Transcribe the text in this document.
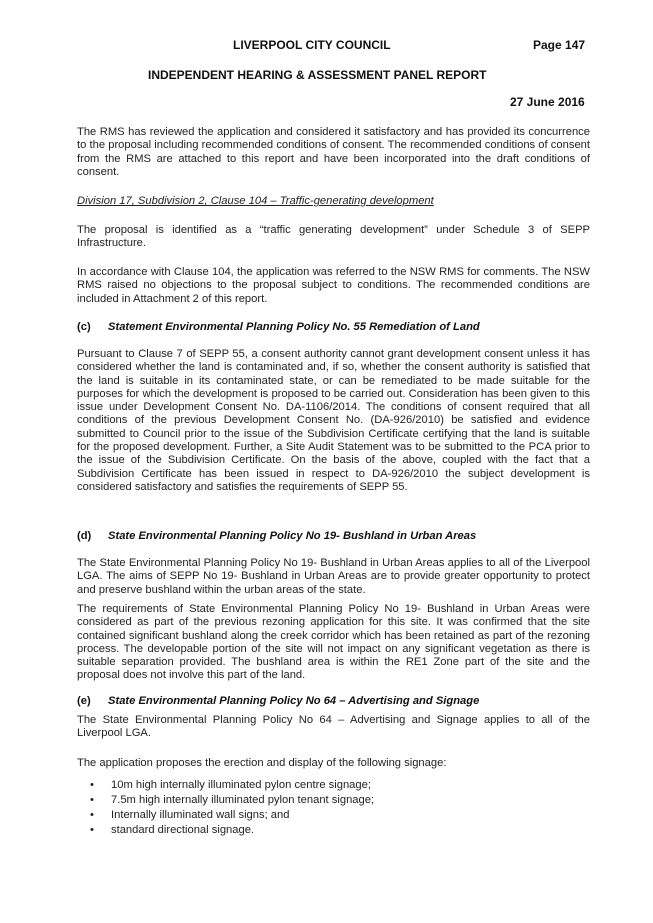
LIVERPOOL CITY COUNCIL	Page 147
INDEPENDENT HEARING & ASSESSMENT PANEL REPORT
27 June 2016

The RMS has reviewed the application and considered it satisfactory and has provided its concurrence to the proposal including recommended conditions of consent. The recommended conditions of consent from the RMS are attached to this report and have been incorporated into the draft conditions of consent.

Division 17, Subdivision 2, Clause 104 – Traffic-generating development

The proposal is identified as a “traffic generating development” under Schedule 3 of SEPP Infrastructure.

In accordance with Clause 104, the application was referred to the NSW RMS for comments. The NSW RMS raised no objections to the proposal subject to conditions. The recommended conditions are included in Attachment 2 of this report.

(c) Statement Environmental Planning Policy No. 55 Remediation of Land

Pursuant to Clause 7 of SEPP 55, a consent authority cannot grant development consent unless it has considered whether the land is contaminated and, if so, whether the consent authority is satisfied that the land is suitable in its contaminated state, or can be remediated to be made suitable for the purposes for which the development is proposed to be carried out. Consideration has been given to this issue under Development Consent No. DA-1106/2014. The conditions of consent required that all conditions of the previous Development Consent No. (DA-926/2010) be satisfied and evidence submitted to Council prior to the issue of the Subdivision Certificate certifying that the land is suitable for the proposed development. Further, a Site Audit Statement was to be submitted to the PCA prior to the issue of the Subdivision Certificate. On the basis of the above, coupled with the fact that a Subdivision Certificate has been issued in respect to DA-926/2010 the subject development is considered satisfactory and satisfies the requirements of SEPP 55.

(d) State Environmental Planning Policy No 19- Bushland in Urban Areas

The State Environmental Planning Policy No 19- Bushland in Urban Areas applies to all of the Liverpool LGA. The aims of SEPP No 19- Bushland in Urban Areas are to provide greater opportunity to protect and preserve bushland within the urban areas of the state.

The requirements of State Environmental Planning Policy No 19- Bushland in Urban Areas were considered as part of the previous rezoning application for this site. It was confirmed that the site contained significant bushland along the creek corridor which has been retained as part of the rezoning process. The developable portion of the site will not impact on any significant vegetation as there is suitable separation provided. The bushland area is within the RE1 Zone part of the site and the proposal does not involve this part of the land.

(e) State Environmental Planning Policy No 64 – Advertising and Signage

The State Environmental Planning Policy No 64 – Advertising and Signage applies to all of the Liverpool LGA.

The application proposes the erection and display of the following signage:

• 10m high internally illuminated pylon centre signage;
• 7.5m high internally illuminated pylon tenant signage;
• Internally illuminated wall signs; and
• standard directional signage.
